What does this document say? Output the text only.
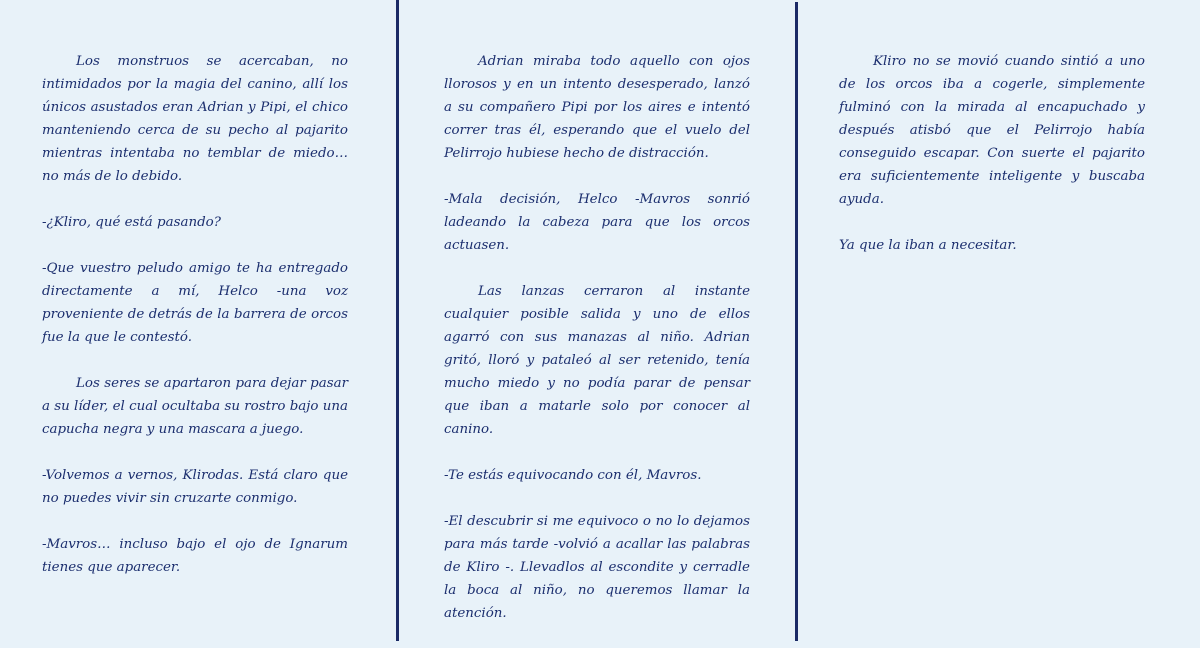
Los monstruos se acercaban, no intimidados por la magia del canino, allí los únicos asustados eran Adrian y Pipi, el chico manteniendo cerca de su pecho al pajarito mientras intentaba no temblar de miedo… no más de lo debido.

-¿Kliro, qué está pasando?

-Que vuestro peludo amigo te ha entregado directamente a mí, Helco -una voz proveniente de detrás de la barrera de orcos fue la que le contestó.

Los seres se apartaron para dejar pasar a su líder, el cual ocultaba su rostro bajo una capucha negra y una mascara a juego.

-Volvemos a vernos, Klirodas. Está claro que no puedes vivir sin cruzarte conmigo.

-Mavros… incluso bajo el ojo de Ignarum tienes que aparecer.

Adrian miraba todo aquello con ojos llorosos y en un intento desesperado, lanzó a su compañero Pipi por los aires e intentó correr tras él, esperando que el vuelo del Pelirrojo hubiese hecho de distracción.

-Mala decisión, Helco -Mavros sonrió ladeando la cabeza para que los orcos actuasen.

Las lanzas cerraron al instante cualquier posible salida y uno de ellos agarró con sus manazas al niño. Adrian gritó, lloró y pataleó al ser retenido, tenía mucho miedo y no podía parar de pensar que iban a matarle solo por conocer al canino.

-Te estás equivocando con él, Mavros.

-El descubrir si me equivoco o no lo dejamos para más tarde -volvió a acallar las palabras de Kliro -. Llevadlos al escondite y cerradle la boca al niño, no queremos llamar la atención.

Kliro no se movió cuando sintió a uno de los orcos iba a cogerle, simplemente fulminó con la mirada al encapuchado y después atisbó que el Pelirrojo había conseguido escapar. Con suerte el pajarito era suficientemente inteligente y buscaba ayuda.

Ya que la iban a necesitar.
